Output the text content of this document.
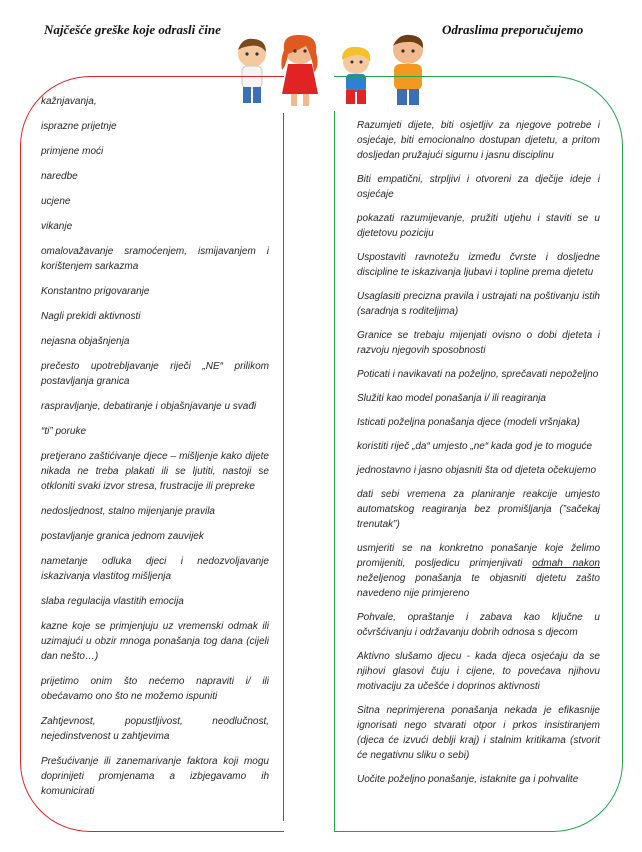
Najčešće greške koje odrasli čine	Odraslima preporučujemo
kažnjavanja,
isprazne prijetnje
primjene moći
naredbe
ucjene
vikanje
omalovažavanje sramoćenjem, ismijavanjem i korištenjem sarkazma
Konstantno prigovaranje
Nagli prekidi aktivnosti
nejasna objašnjenja
prečesto upotrebljavanje riječi „NE“ prilikom postavljanja granica
raspravljanje, debatiranje i objašnjavanje u svađi
“ti” poruke
pretjerano zaštićivanje djece – mišljenje kako dijete nikada ne treba plakati ili se ljutiti, nastoji se otkloniti svaki izvor stresa, frustracije ili prepreke
nedosljednost, stalno mijenjanje pravila
postavljanje granica jednom zauvijek
nametanje odluka djeci i nedozvoljavanje iskazivanja vlastitog mišljenja
slaba regulacija vlastitih emocija
kazne koje se primjenjuju uz vremenski odmak ili uzimajući u obzir mnoga ponašanja tog dana (cijeli dan nešto…)
prijetimo onim što nećemo napraviti i/ ili obećavamo ono što ne možemo ispuniti
Zahtjevnost, popustljivost, neodlučnost, nejedinstvenost u zahtjevima
Prešućivanje ili zanemarivanje faktora koji mogu doprinijeti promjenama a izbjegavamo ih komunicirati
Razumjeti dijete, biti osjetljiv za njegove potrebe i osjećaje, biti emocionalno dostupan djetetu, a pritom dosljedan pružajući sigurnu i jasnu disciplinu
Biti empatični, strpljivi i otvoreni za dječije ideje i osjećaje
pokazati razumijevanje, pružiti utjehu i staviti se u djetetovu poziciju
Uspostaviti ravnotežu između čvrste i dosljedne discipline te iskazivanja ljubavi i topline prema djetetu
Usaglasiti precizna pravila i ustrajati na poštivanju istih (saradnja s roditeljima)
Granice se trebaju mijenjati ovisno o dobi djeteta i razvoju njegovih sposobnosti
Poticati i navikavati na poželjno, sprečavati nepoželjno
Služiti kao model ponašanja i/ ili reagiranja
Isticati poželjna ponašanja djece (modeli vršnjaka)
koristiti riječ „da“ umjesto „ne“ kada god je to moguće
jednostavno i jasno objasniti šta od djeteta očekujemo
dati sebi vremena za planiranje reakcije umjesto automatskog reagiranja bez promišljanja (”sačekaj trenutak”)
usmjeriti se na konkretno ponašanje koje želimo promijeniti, posljedicu primjenjivati odmah nakon neželjenog ponašanja te objasniti djetetu zašto navedeno nije primjereno
Pohvale, opraštanje i zabava kao ključne u očvršćivanju i održavanju dobrih odnosa s djecom
Aktivno slušamo djecu - kada djeca osjećaju da se njihovi glasovi čuju i cijene, to povećava njihovu motivaciju za učešće i doprinos aktivnosti
Sitna neprimjerena ponašanja nekada je efikasnije ignorisati nego stvarati otpor i prkos insistiranjem (djeca će izvući deblji kraj) i stalnim kritikama (stvorit će negativnu sliku o sebi)
Uočite poželjno ponašanje, istaknite ga i pohvalite
